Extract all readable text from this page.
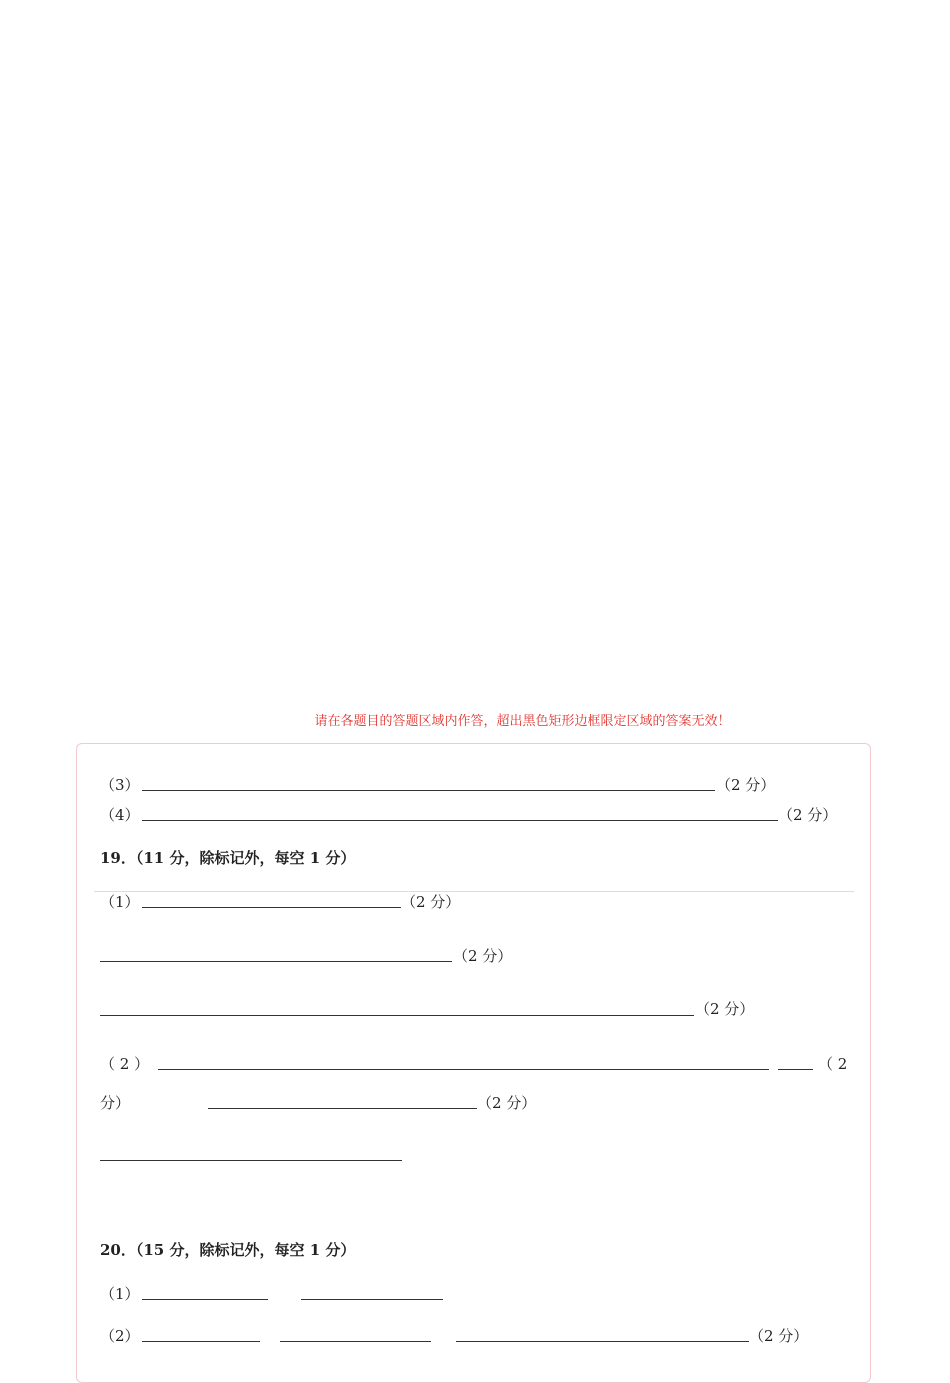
请在各题目的答题区域内作答，超出黑色矩形边框限定区域的答案无效！
（3）	（2 分）
（4）	（2 分）
19．（11 分，除标记外，每空 1 分）
（1）	（2 分）
（2 分）
（2 分）
（ 2 ）	（ 2
分）	（2 分）
20．（15 分，除标记外，每空 1 分）
（1）
（2）	（2 分）
